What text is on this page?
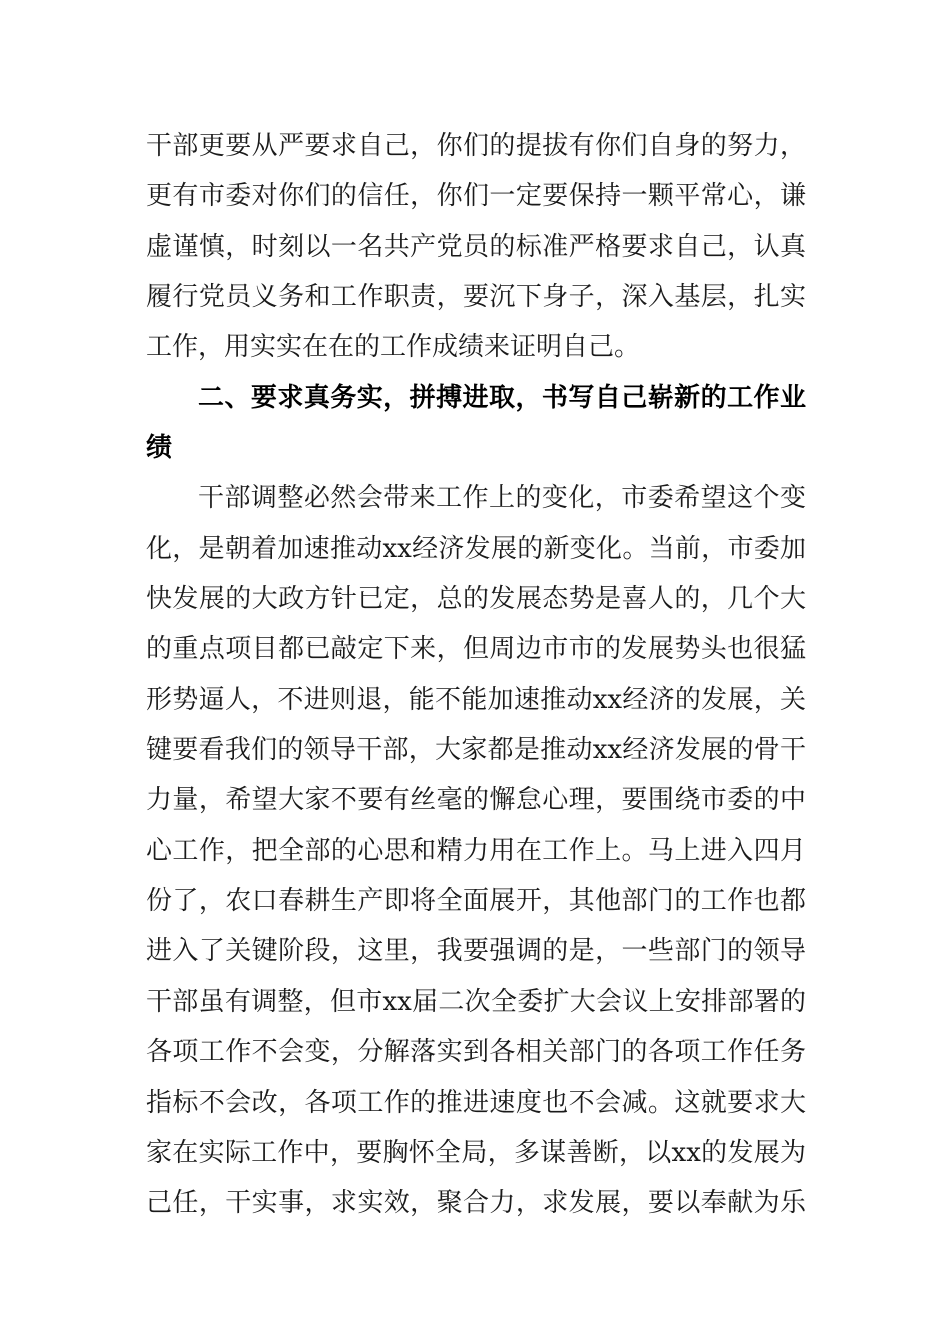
干部更要从严要求自己，你们的提拔有你们自身的努力，
更有市委对你们的信任，你们一定要保持一颗平常心，谦
虚谨慎，时刻以一名共产党员的标准严格要求自己，认真
履行党员义务和工作职责，要沉下身子，深入基层，扎实
工作，用实实在在的工作成绩来证明自己。
二、要求真务实，拼搏进取，书写自己崭新的工作业
绩
干部调整必然会带来工作上的变化，市委希望这个变
化，是朝着加速推动xx经济发展的新变化。当前，市委加
快发展的大政方针已定，总的发展态势是喜人的，几个大
的重点项目都已敲定下来，但周边市市的发展势头也很猛
形势逼人，不进则退，能不能加速推动xx经济的发展，关
键要看我们的领导干部，大家都是推动xx经济发展的骨干
力量，希望大家不要有丝毫的懈怠心理，要围绕市委的中
心工作，把全部的心思和精力用在工作上。马上进入四月
份了，农口春耕生产即将全面展开，其他部门的工作也都
进入了关键阶段，这里，我要强调的是，一些部门的领导
干部虽有调整，但市xx届二次全委扩大会议上安排部署的
各项工作不会变，分解落实到各相关部门的各项工作任务
指标不会改，各项工作的推进速度也不会减。这就要求大
家在实际工作中，要胸怀全局，多谋善断，以xx的发展为
己任，干实事，求实效，聚合力，求发展，要以奉献为乐
